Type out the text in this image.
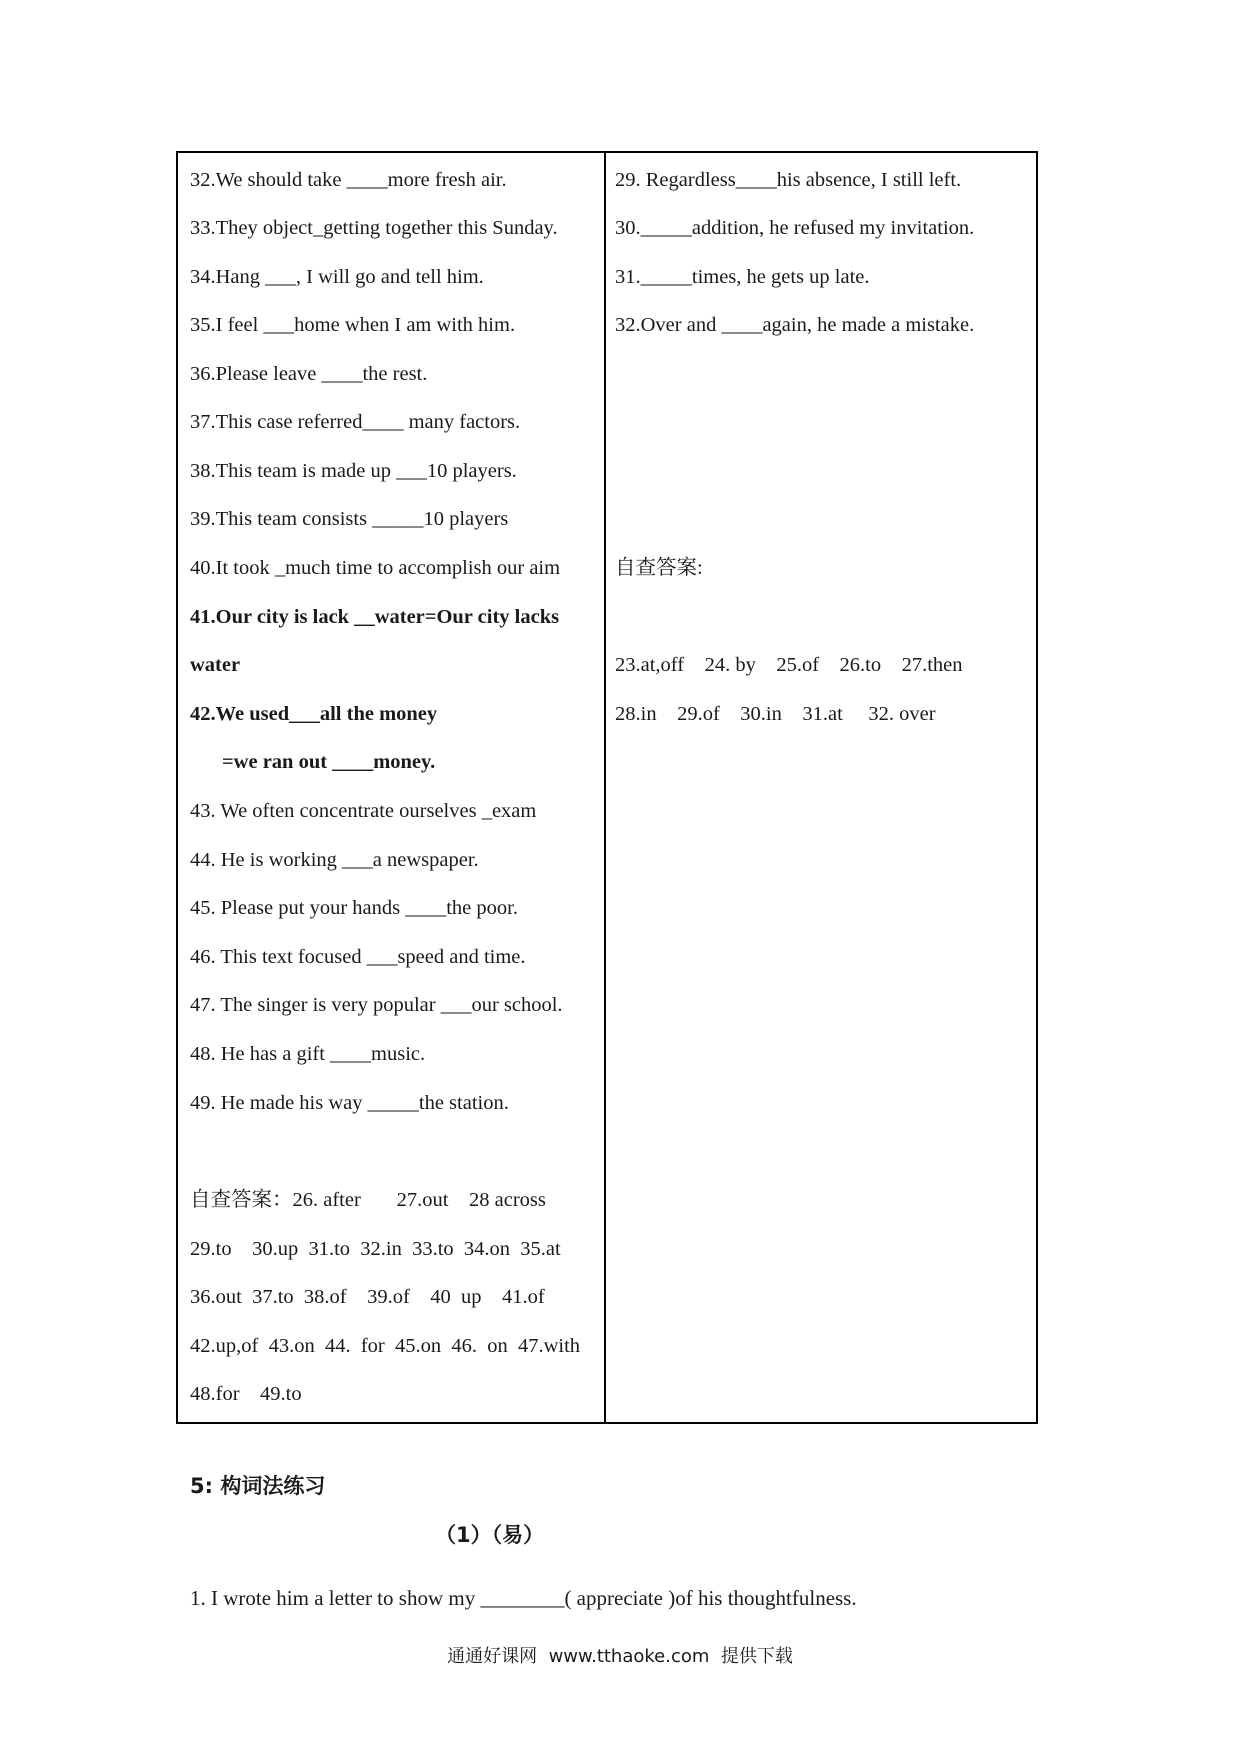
32.We should take ____more fresh air.
33.They object_getting together this Sunday.
34.Hang ___, I will go and tell him.
35.I feel ___home when I am with him.
36.Please leave ____the rest.
37.This case referred____ many factors.
38.This team is made up ___10 players.
39.This team consists _____10 players
40.It took _much time to accomplish our aim
41.Our city is lack __water=Our city lacks
water
42.We used___all the money
=we ran out ____money.
43. We often concentrate ourselves _exam
44. He is working ___a newspaper.
45. Please put your hands ____the poor.
46. This text focused ___speed and time.
47. The singer is very popular ___our school.
48. He has a gift ____music.
49. He made his way _____the station.
自查答案：26. after       27.out    28 across
29.to    30.up  31.to  32.in  33.to  34.on  35.at
36.out  37.to  38.of    39.of    40  up    41.of
42.up,of  43.on  44.  for  45.on  46.  on  47.with
48.for    49.to
29. Regardless____his absence, I still left.
30._____addition, he refused my invitation.
31._____times, he gets up late.
32.Over and ____again, he made a mistake.
自查答案:
23.at,off    24. by    25.of    26.to    27.then
28.in    29.of    30.in    31.at     32. over
5: 构词法练习
（1）（易）
1. I wrote him a letter to show my ________( appreciate )of his thoughtfulness.
通通好课网  www.tthaoke.com  提供下载
